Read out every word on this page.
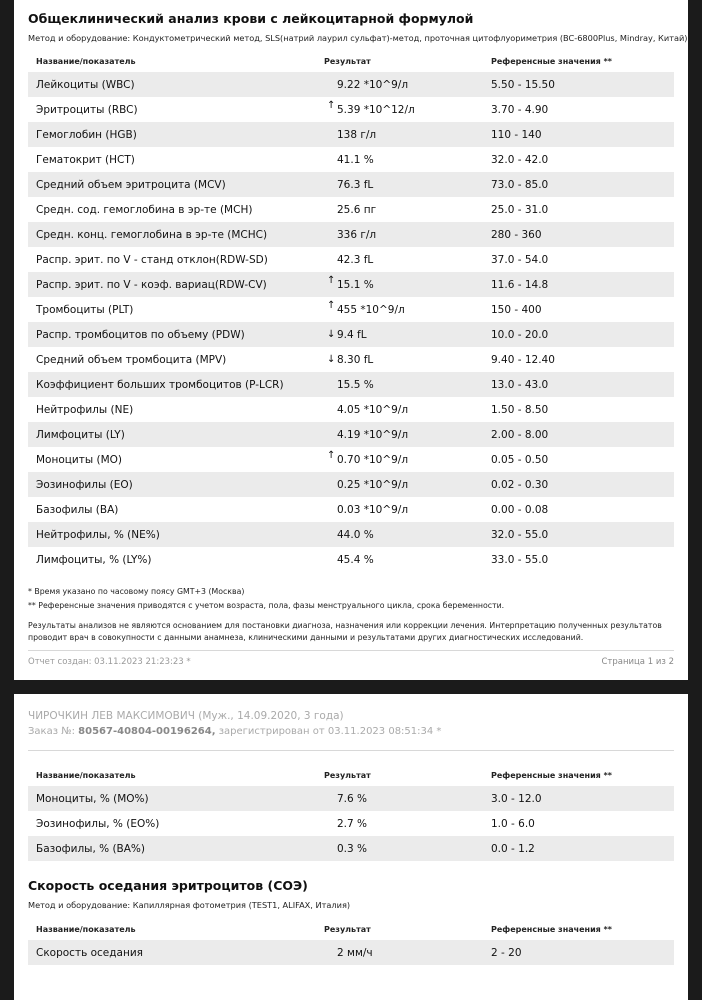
Общеклинический анализ крови с лейкоцитарной формулой
Метод и оборудование: Кондуктометрический метод, SLS(натрий лаурил сульфат)-метод, проточная цитофлуориметрия (BC-6800Plus, Mindray, Китай)
Название/показатель	Результат	Референсные значения **
Лейкоциты (WBC)	9.22 *10^9/л	5.50 - 15.50
Эритроциты (RBC)	↑ 5.39 *10^12/л	3.70 - 4.90
Гемоглобин (HGB)	138 г/л	110 - 140
Гематокрит (HCT)	41.1 %	32.0 - 42.0
Средний объем эритроцита (MCV)	76.3 fL	73.0 - 85.0
Средн. сод. гемоглобина в эр-те (MCH)	25.6 пг	25.0 - 31.0
Средн. конц. гемоглобина в эр-те (MCHC)	336 г/л	280 - 360
Распр. эрит. по V - станд отклон(RDW-SD)	42.3 fL	37.0 - 54.0
Распр. эрит. по V - коэф. вариац(RDW-CV)	↑ 15.1 %	11.6 - 14.8
Тромбоциты (PLT)	↑ 455 *10^9/л	150 - 400
Распр. тромбоцитов по объему (PDW)	↓ 9.4 fL	10.0 - 20.0
Средний объем тромбоцита (MPV)	↓ 8.30 fL	9.40 - 12.40
Коэффициент больших тромбоцитов (P-LCR)	15.5 %	13.0 - 43.0
Нейтрофилы (NE)	4.05 *10^9/л	1.50 - 8.50
Лимфоциты (LY)	4.19 *10^9/л	2.00 - 8.00
Моноциты (MO)	↑ 0.70 *10^9/л	0.05 - 0.50
Эозинофилы (EO)	0.25 *10^9/л	0.02 - 0.30
Базофилы (BA)	0.03 *10^9/л	0.00 - 0.08
Нейтрофилы, % (NE%)	44.0 %	32.0 - 55.0
Лимфоциты, % (LY%)	45.4 %	33.0 - 55.0
* Время указано по часовому поясу GMT+3 (Москва)
** Референсные значения приводятся с учетом возраста, пола, фазы менструального цикла, срока беременности.
Результаты анализов не являются основанием для постановки диагноза, назначения или коррекции лечения. Интерпретацию полученных результатов проводит врач в совокупности с данными анамнеза, клиническими данными и результатами других диагностических исследований.
Отчет создан: 03.11.2023 21:23:23 *	Страница 1 из 2
ЧИРОЧКИН ЛЕВ МАКСИМОВИЧ (Муж., 14.09.2020, 3 года)
Заказ №: 80567-40804-00196264, зарегистрирован от 03.11.2023 08:51:34 *
Название/показатель	Результат	Референсные значения **
Моноциты, % (MO%)	7.6 %	3.0 - 12.0
Эозинофилы, % (EO%)	2.7 %	1.0 - 6.0
Базофилы, % (BA%)	0.3 %	0.0 - 1.2
Скорость оседания эритроцитов (СОЭ)
Метод и оборудование: Капиллярная фотометрия (TEST1, ALIFAX, Италия)
Название/показатель	Результат	Референсные значения **
Скорость оседания	2 мм/ч	2 - 20
